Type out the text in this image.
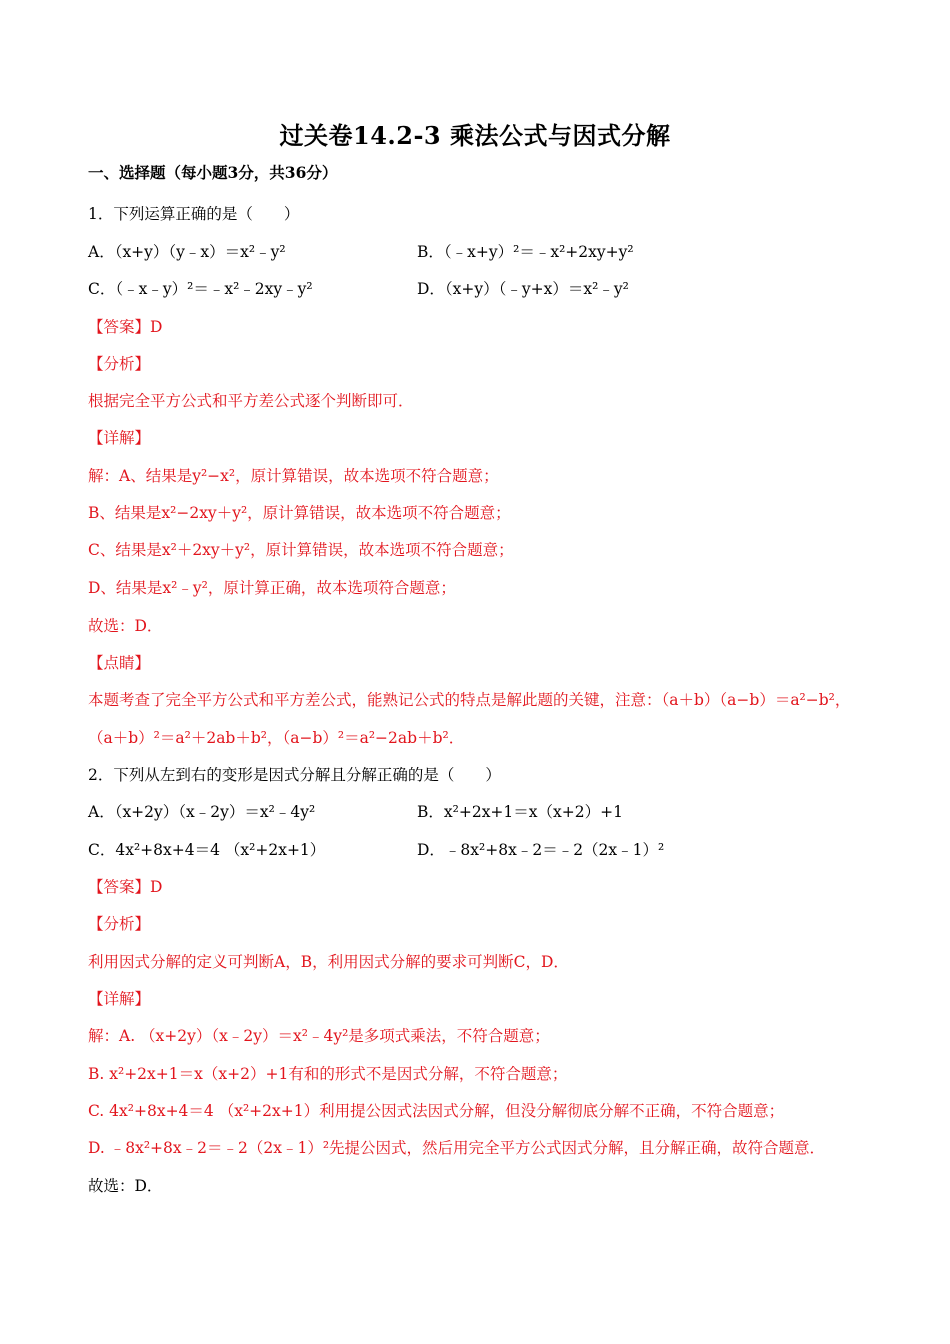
过关卷14.2-3 乘法公式与因式分解
一、选择题（每小题3分，共36分）
1．下列运算正确的是（　　）
A．（x+y）（y﹣x）＝x²﹣y²	B．（﹣x+y）²＝﹣x²+2xy+y²
C．（﹣x﹣y）²＝﹣x²﹣2xy﹣y²	D．（x+y）（﹣y+x）＝x²﹣y²
【答案】D
【分析】
根据完全平方公式和平方差公式逐个判断即可．
【详解】
解：A、结果是y²−x²，原计算错误，故本选项不符合题意；
B、结果是x²−2xy＋y²，原计算错误，故本选项不符合题意；
C、结果是x²＋2xy＋y²，原计算错误，故本选项不符合题意；
D、结果是x²﹣y²，原计算正确，故本选项符合题意；
故选：D．
【点睛】
本题考查了完全平方公式和平方差公式，能熟记公式的特点是解此题的关键，注意：（a＋b）（a−b）＝a²−b²，
（a＋b）²＝a²＋2ab＋b²，（a−b）²＝a²−2ab＋b²．
2．下列从左到右的变形是因式分解且分解正确的是（　　）
A．（x+2y）（x﹣2y）＝x²﹣4y²	B．x²+2x+1＝x（x+2）+1
C．4x²+8x+4＝4 （x²+2x+1）	D．﹣8x²+8x﹣2＝﹣2（2x﹣1）²
【答案】D
【分析】
利用因式分解的定义可判断A，B，利用因式分解的要求可判断C，D．
【详解】
解：A. （x+2y）（x﹣2y）＝x²﹣4y²是多项式乘法，不符合题意；
B. x²+2x+1＝x（x+2）+1有和的形式不是因式分解，不符合题意；
C. 4x²+8x+4＝4 （x²+2x+1）利用提公因式法因式分解，但没分解彻底分解不正确，不符合题意；
D. ﹣8x²+8x﹣2＝﹣2（2x﹣1）²先提公因式，然后用完全平方公式因式分解，且分解正确，故符合题意．
故选：D．
